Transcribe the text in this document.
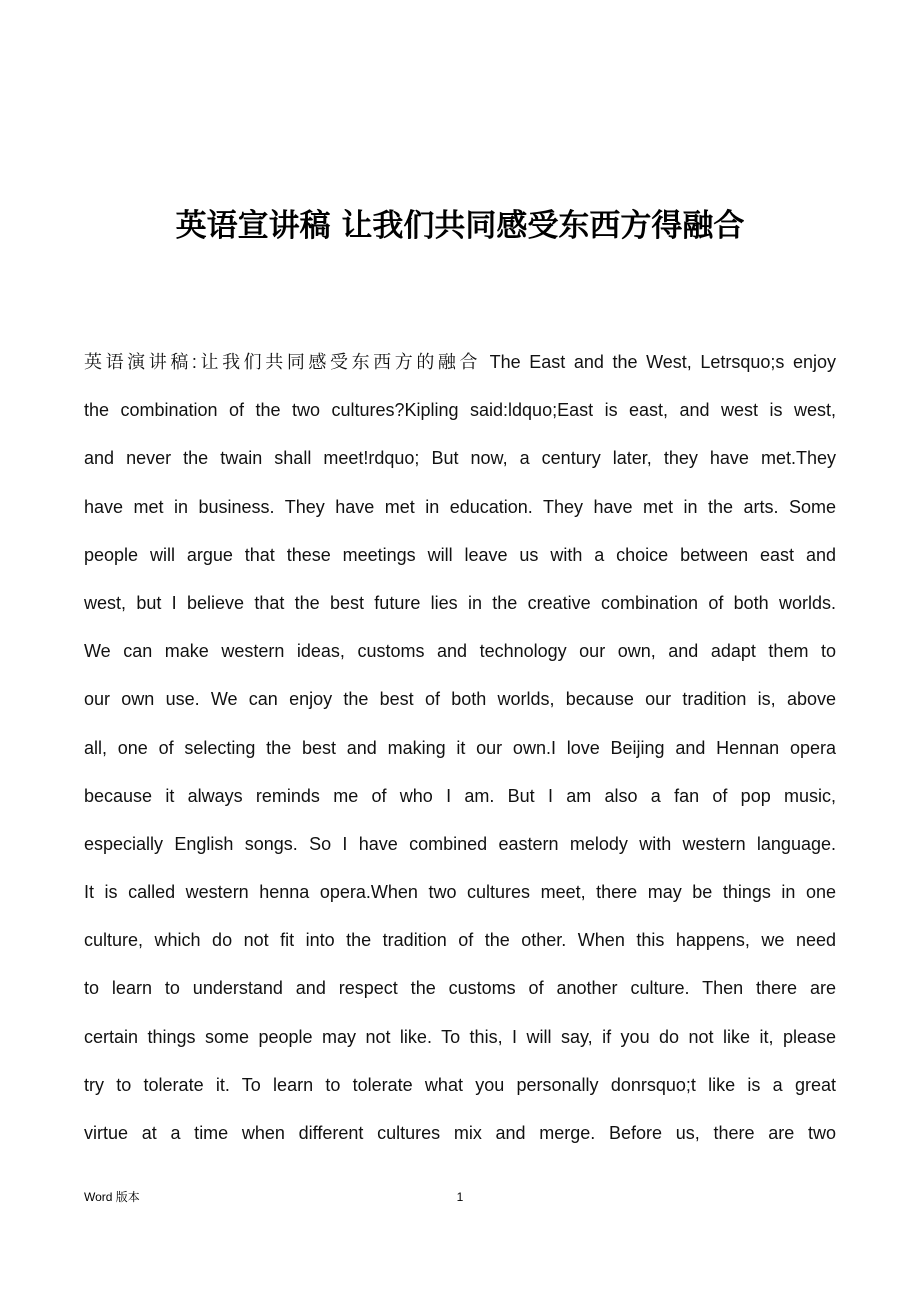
英语宣讲稿 让我们共同感受东西方得融合
英语演讲稿:让我们共同感受东西方的融合 The East and the West, Letrsquo;s enjoy
the combination of the two cultures?Kipling said:ldquo;East is east, and west is west,
and never the twain shall meet!rdquo; But now, a century later, they have met.They
have met in business. They have met in education. They have met in the arts. Some
people will argue that these meetings will leave us with a choice between east and
west, but I believe that the best future lies in the creative combination of both worlds.
We can make western ideas, customs and technology our own, and adapt them to
our own use. We can enjoy the best of both worlds, because our tradition is, above
all, one of selecting the best and making it our own.I love Beijing and Hennan opera
because it always reminds me of who I am. But I am also a fan of pop music,
especially English songs. So I have combined eastern melody with western language.
It is called western henna opera.When two cultures meet, there may be things in one
culture, which do not fit into the tradition of the other. When this happens, we need
to learn to understand and respect the customs of another culture. Then there are
certain things some people may not like. To this, I will say, if you do not like it, please
try to tolerate it. To learn to tolerate what you personally donrsquo;t like is a great
virtue at a time when different cultures mix and merge. Before us, there are two
Word 版本	1
